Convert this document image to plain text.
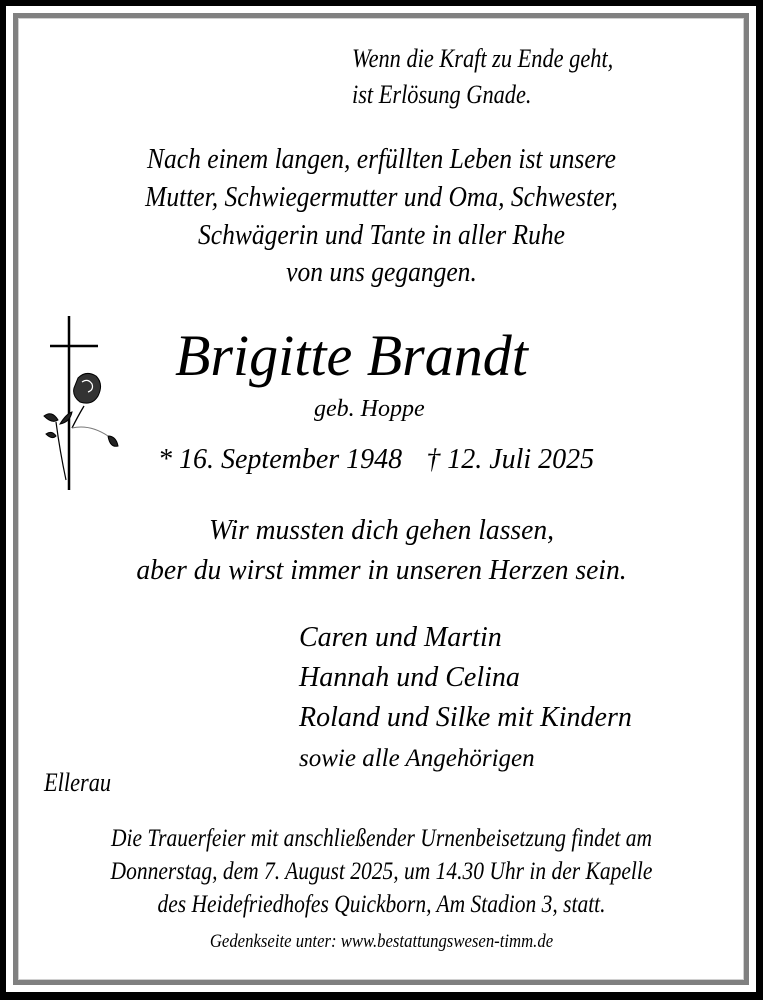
Wenn die Kraft zu Ende geht,
ist Erlösung Gnade.
Nach einem langen, erfüllten Leben ist unsere
Mutter, Schwiegermutter und Oma, Schwester,
Schwägerin und Tante in aller Ruhe
von uns gegangen.
Brigitte Brandt
geb. Hoppe
* 16. September 1948 † 12. Juli 2025
Wir mussten dich gehen lassen,
aber du wirst immer in unseren Herzen sein.
Caren und Martin
Hannah und Celina
Roland und Silke mit Kindern
sowie alle Angehörigen
Ellerau
Die Trauerfeier mit anschließender Urnenbeisetzung findet am
Donnerstag, dem 7. August 2025, um 14.30 Uhr in der Kapelle
des Heidefriedhofes Quickborn, Am Stadion 3, statt.
Gedenkseite unter: www.bestattungswesen-timm.de
